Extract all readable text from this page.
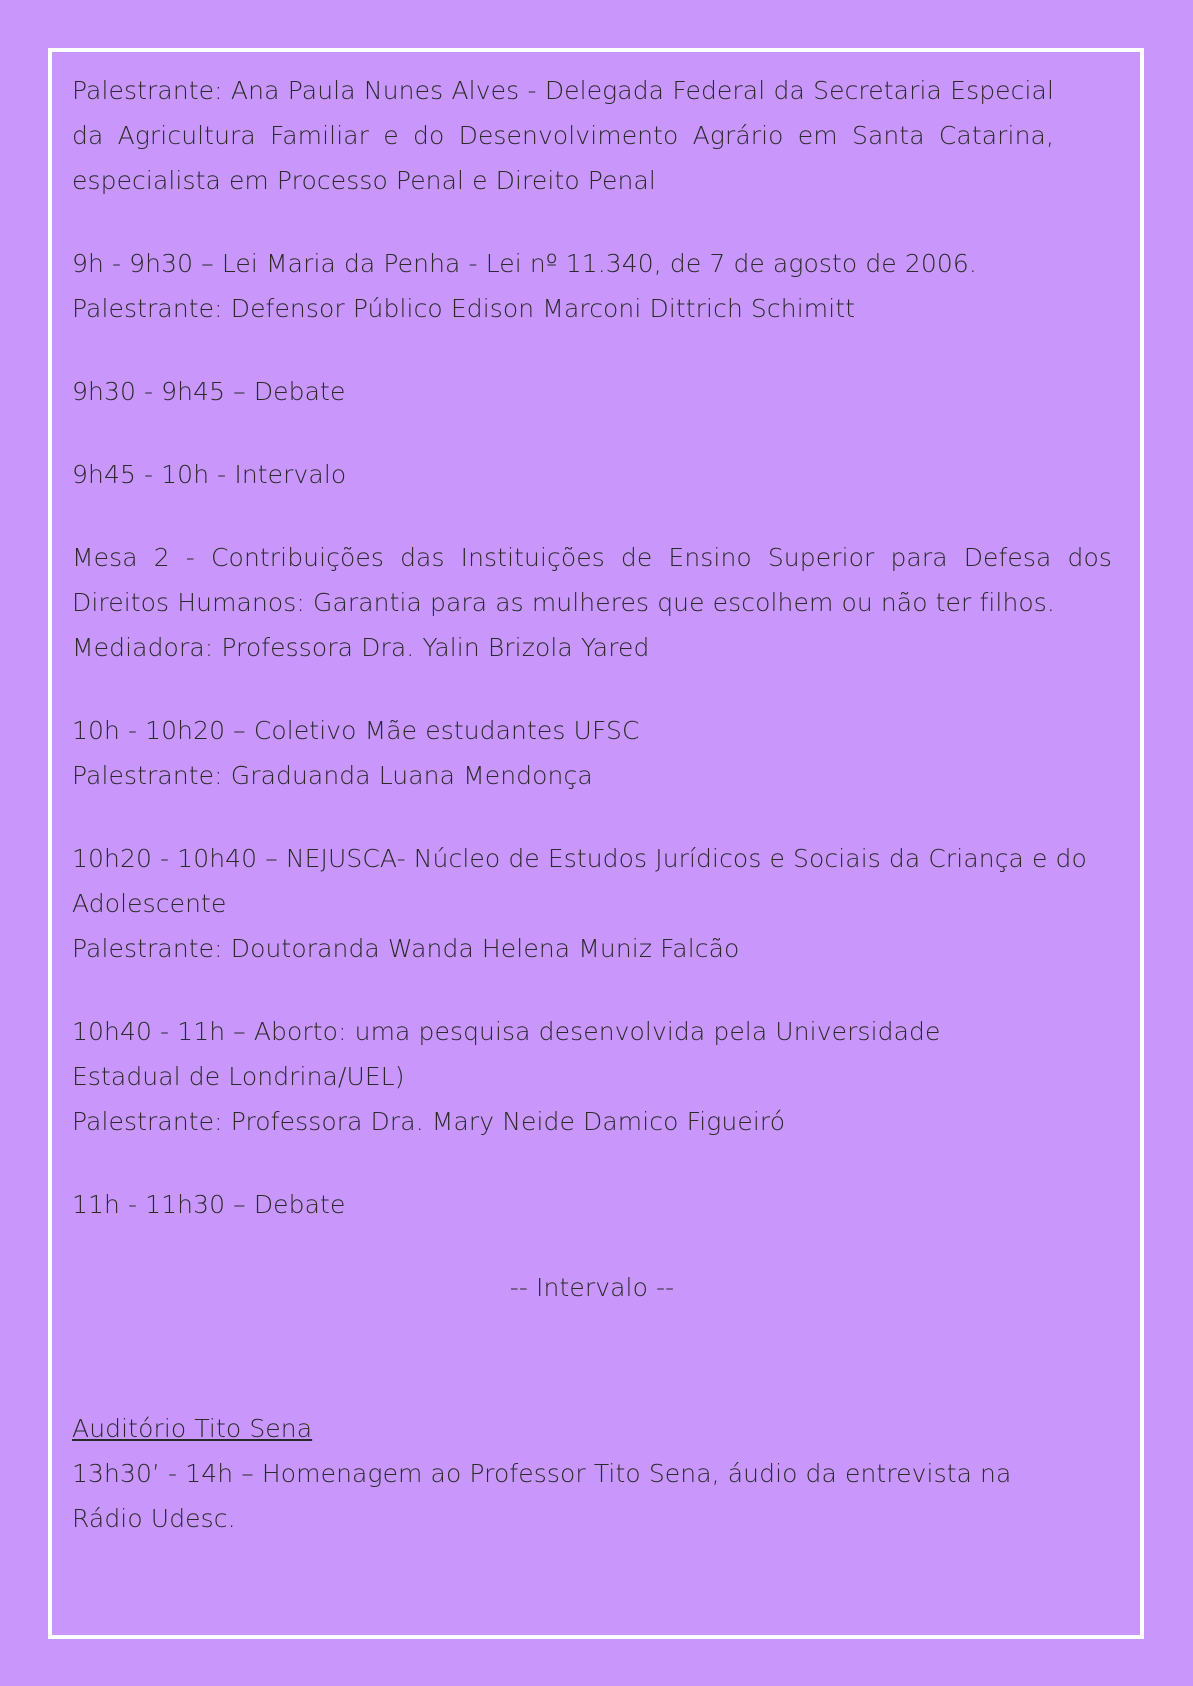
Palestrante: Ana Paula Nunes Alves - Delegada Federal da Secretaria Especial da Agricultura Familiar e do Desenvolvimento Agrário em Santa Catarina, especialista em Processo Penal e Direito Penal

9h - 9h30 – Lei Maria da Penha - Lei nº 11.340, de 7 de agosto de 2006.

Palestrante: Defensor Público Edison Marconi Dittrich Schimitt

9h30 - 9h45 – Debate

9h45 - 10h - Intervalo

Mesa 2 - Contribuições das Instituições de Ensino Superior para Defesa dos Direitos Humanos: Garantia para as mulheres que escolhem ou não ter filhos.

Mediadora: Professora Dra. Yalin Brizola Yared

10h - 10h20 – Coletivo Mãe estudantes UFSC

Palestrante: Graduanda Luana Mendonça

10h20 - 10h40 – NEJUSCA- Núcleo de Estudos Jurídicos e Sociais da Criança e do Adolescente

Palestrante: Doutoranda Wanda Helena Muniz Falcão

10h40 - 11h – Aborto: uma pesquisa desenvolvida pela Universidade

Estadual de Londrina/UEL)

Palestrante: Professora Dra. Mary Neide Damico Figueiró

11h - 11h30 – Debate

-- Intervalo --

Auditório Tito Sena

13h30’ - 14h – Homenagem ao Professor Tito Sena, áudio da entrevista na

Rádio Udesc.
